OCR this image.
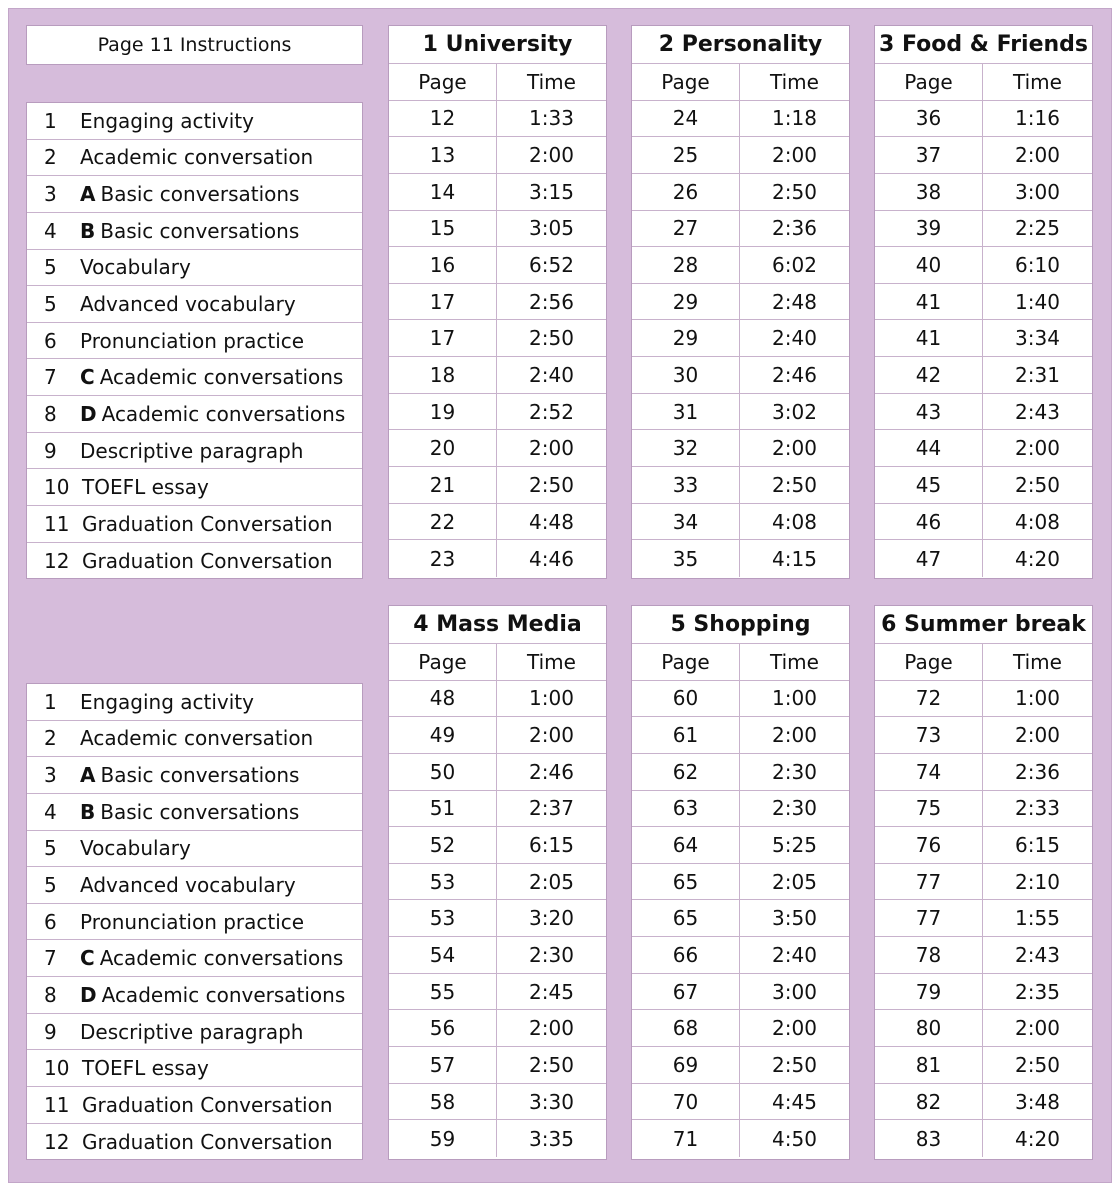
Page 11 Instructions
1	Engaging activity
2	Academic conversation
3	A Basic conversations
4	B Basic conversations
5	Vocabulary
5	Advanced vocabulary
6	Pronunciation practice
7	C Academic conversations
8	D Academic conversations
9	Descriptive paragraph
10 TOEFL essay
11 Graduation Conversation
12 Graduation Conversation
1	Engaging activity
2	Academic conversation
3	A Basic conversations
4	B Basic conversations
5	Vocabulary
5	Advanced vocabulary
6	Pronunciation practice
7	C Academic conversations
8	D Academic conversations
9	Descriptive paragraph
10 TOEFL essay
11 Graduation Conversation
12 Graduation Conversation
1 University
Page	Time
12	1:33
13	2:00
14	3:15
15	3:05
16	6:52
17	2:56
17	2:50
18	2:40
19	2:52
20	2:00
21	2:50
22	4:48
23	4:46
2 Personality
Page	Time
24	1:18
25	2:00
26	2:50
27	2:36
28	6:02
29	2:48
29	2:40
30	2:46
31	3:02
32	2:00
33	2:50
34	4:08
35	4:15
3 Food & Friends
Page	Time
36	1:16
37	2:00
38	3:00
39	2:25
40	6:10
41	1:40
41	3:34
42	2:31
43	2:43
44	2:00
45	2:50
46	4:08
47	4:20
4 Mass Media
Page	Time
48	1:00
49	2:00
50	2:46
51	2:37
52	6:15
53	2:05
53	3:20
54	2:30
55	2:45
56	2:00
57	2:50
58	3:30
59	3:35
5 Shopping
Page	Time
60	1:00
61	2:00
62	2:30
63	2:30
64	5:25
65	2:05
65	3:50
66	2:40
67	3:00
68	2:00
69	2:50
70	4:45
71	4:50
6 Summer break
Page	Time
72	1:00
73	2:00
74	2:36
75	2:33
76	6:15
77	2:10
77	1:55
78	2:43
79	2:35
80	2:00
81	2:50
82	3:48
83	4:20
